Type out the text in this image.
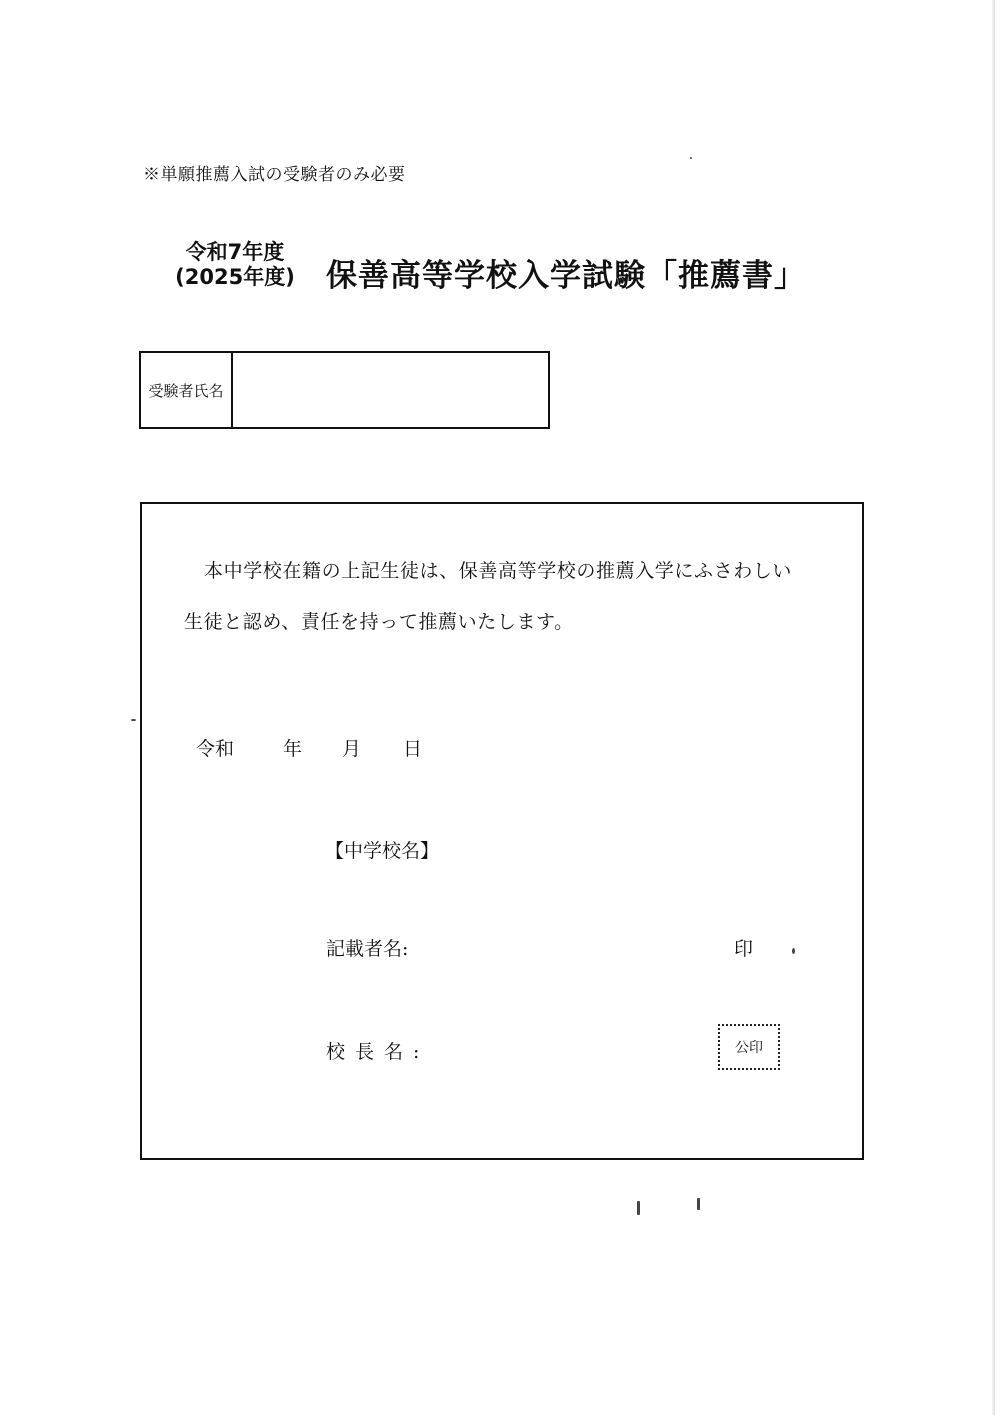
※単願推薦入試の受験者のみ必要
令和7年度
(2025年度)	保善高等学校入学試験「推薦書」
受験者氏名
本中学校在籍の上記生徒は、保善高等学校の推薦入学にふさわしい
生徒と認め、責任を持って推薦いたします。
令和	年 月 日
【中学校名】
記載者名:	印
校長名:	公印
